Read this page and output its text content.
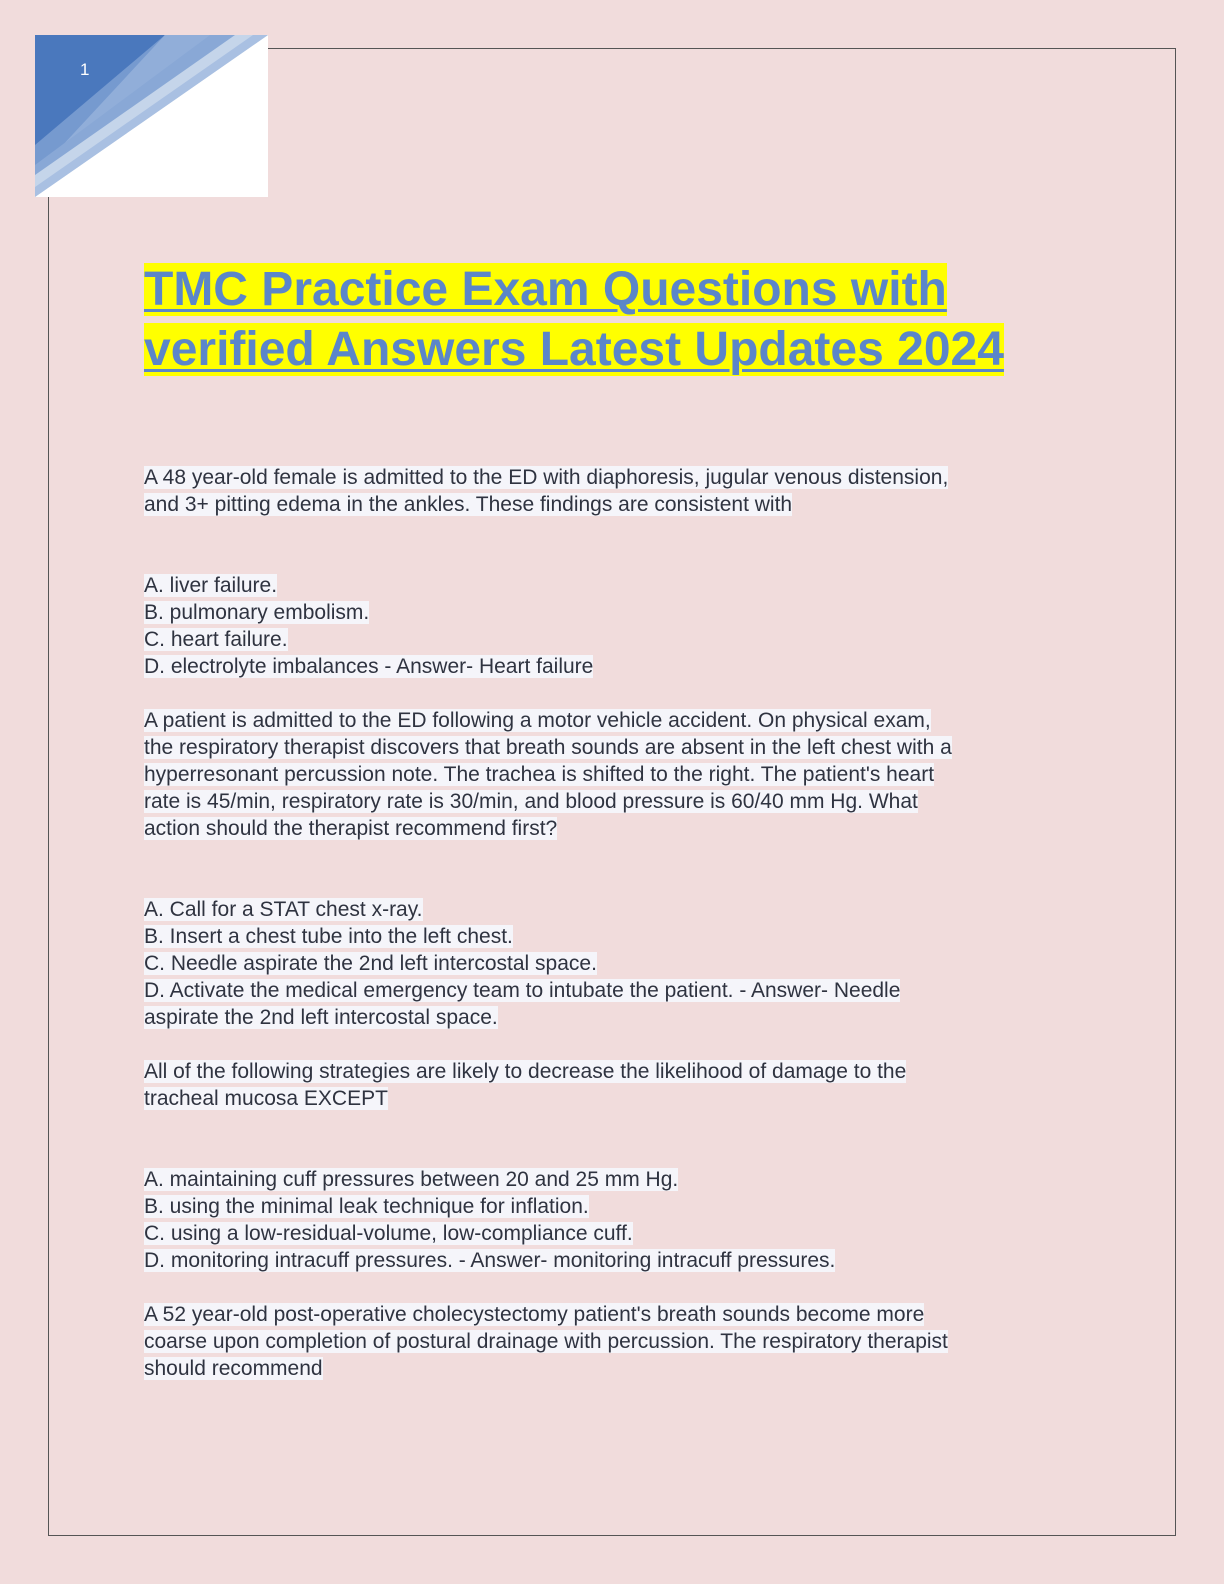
1
TMC Practice Exam Questions with
verified Answers Latest Updates 2024
A 48 year-old female is admitted to the ED with diaphoresis, jugular venous distension,
and 3+ pitting edema in the ankles. These findings are consistent with
A. liver failure.
B. pulmonary embolism.
C. heart failure.
D. electrolyte imbalances - Answer- Heart failure
A patient is admitted to the ED following a motor vehicle accident. On physical exam,
the respiratory therapist discovers that breath sounds are absent in the left chest with a
hyperresonant percussion note. The trachea is shifted to the right. The patient's heart
rate is 45/min, respiratory rate is 30/min, and blood pressure is 60/40 mm Hg. What
action should the therapist recommend first?
A. Call for a STAT chest x-ray.
B. Insert a chest tube into the left chest.
C. Needle aspirate the 2nd left intercostal space.
D. Activate the medical emergency team to intubate the patient. - Answer- Needle
aspirate the 2nd left intercostal space.
All of the following strategies are likely to decrease the likelihood of damage to the
tracheal mucosa EXCEPT
A. maintaining cuff pressures between 20 and 25 mm Hg.
B. using the minimal leak technique for inflation.
C. using a low-residual-volume, low-compliance cuff.
D. monitoring intracuff pressures. - Answer- monitoring intracuff pressures.
A 52 year-old post-operative cholecystectomy patient's breath sounds become more
coarse upon completion of postural drainage with percussion. The respiratory therapist
should recommend
